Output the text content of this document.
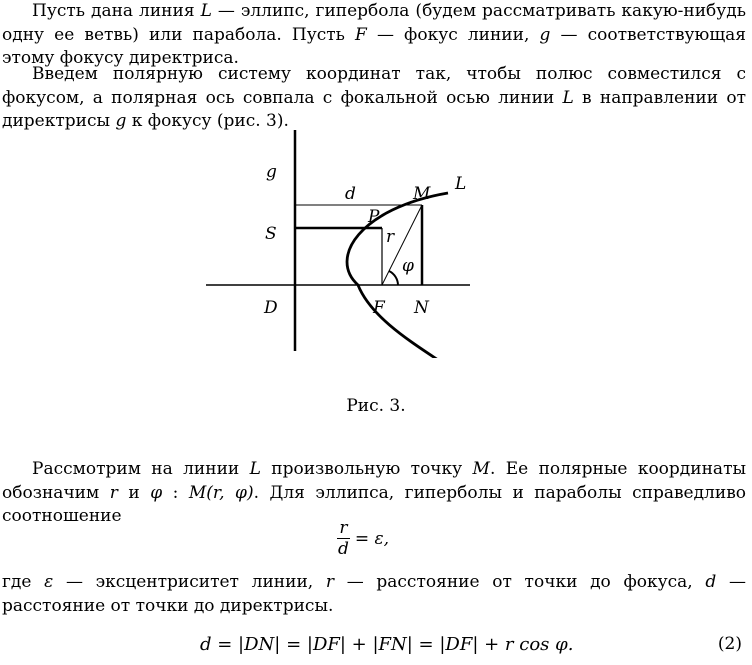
Пусть дана линия L — эллипс, гипербола (будем рассматривать какую-нибудь одну ее ветвь) или парабола. Пусть F — фокус линии, g — соответствующая этому фокусу директриса.

Введем полярную систему координат так, чтобы полюс совместился с фокусом, а полярная ось совпала с фокальной осью линии L в направлении от директрисы g к фокусу (рис. 3).

g
d	M L
P
S	r
φ
D	F N
Рис. 3.

Рассмотрим на линии L произвольную точку M. Ее полярные координаты обозначим r и φ : M(r, φ). Для эллипса, гиперболы и параболы справедливо соотношение

$\frac{r}{d} = \varepsilon$,

где ε — эксцентриситет линии, r — расстояние от точки до фокуса, d — расстояние от точки до директрисы.

d = |DN| = |DF| + |FN| = |DF| + r cos φ.	(2)
